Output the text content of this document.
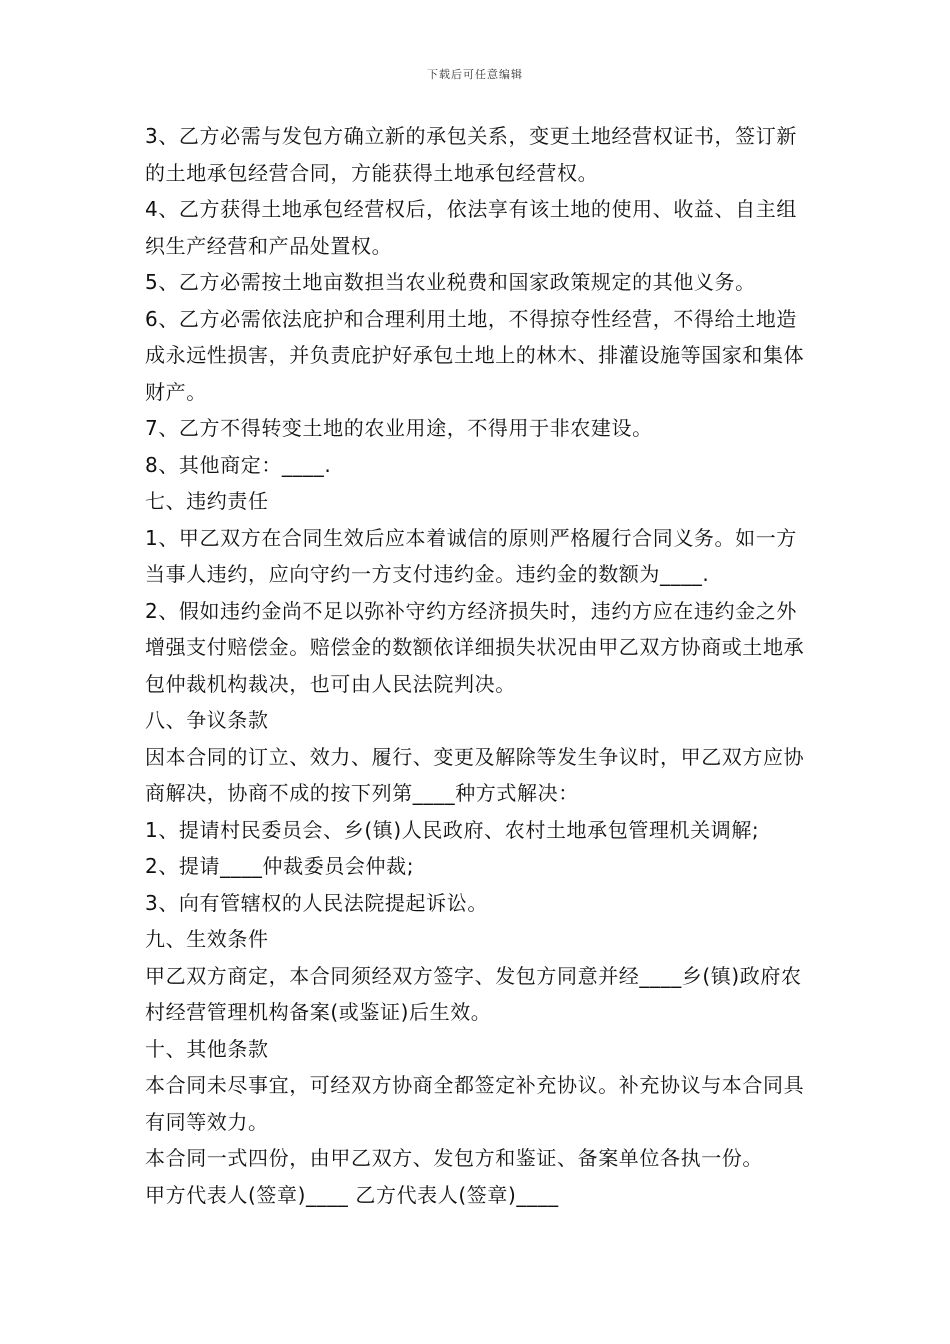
下载后可任意编辑

3、乙方必需与发包方确立新的承包关系，变更土地经营权证书，签订新的土地承包经营合同，方能获得土地承包经营权。

4、乙方获得土地承包经营权后，依法享有该土地的使用、收益、自主组织生产经营和产品处置权。

5、乙方必需按土地亩数担当农业税费和国家政策规定的其他义务。

6、乙方必需依法庇护和合理利用土地，不得掠夺性经营，不得给土地造成永远性损害，并负责庇护好承包土地上的林木、排灌设施等国家和集体财产。

7、乙方不得转变土地的农业用途，不得用于非农建设。

8、其他商定：____.

七、违约责任

1、甲乙双方在合同生效后应本着诚信的原则严格履行合同义务。如一方当事人违约，应向守约一方支付违约金。违约金的数额为____.

2、假如违约金尚不足以弥补守约方经济损失时，违约方应在违约金之外增强支付赔偿金。赔偿金的数额依详细损失状况由甲乙双方协商或土地承包仲裁机构裁决，也可由人民法院判决。

八、争议条款

因本合同的订立、效力、履行、变更及解除等发生争议时，甲乙双方应协商解决，协商不成的按下列第____种方式解决：

1、提请村民委员会、乡(镇)人民政府、农村土地承包管理机关调解;

2、提请____仲裁委员会仲裁;

3、向有管辖权的人民法院提起诉讼。

九、生效条件

甲乙双方商定，本合同须经双方签字、发包方同意并经____乡(镇)政府农村经营管理机构备案(或鉴证)后生效。

十、其他条款

本合同未尽事宜，可经双方协商全都签定补充协议。补充协议与本合同具有同等效力。

本合同一式四份，由甲乙双方、发包方和鉴证、备案单位各执一份。

甲方代表人(签章)____ 乙方代表人(签章)____
